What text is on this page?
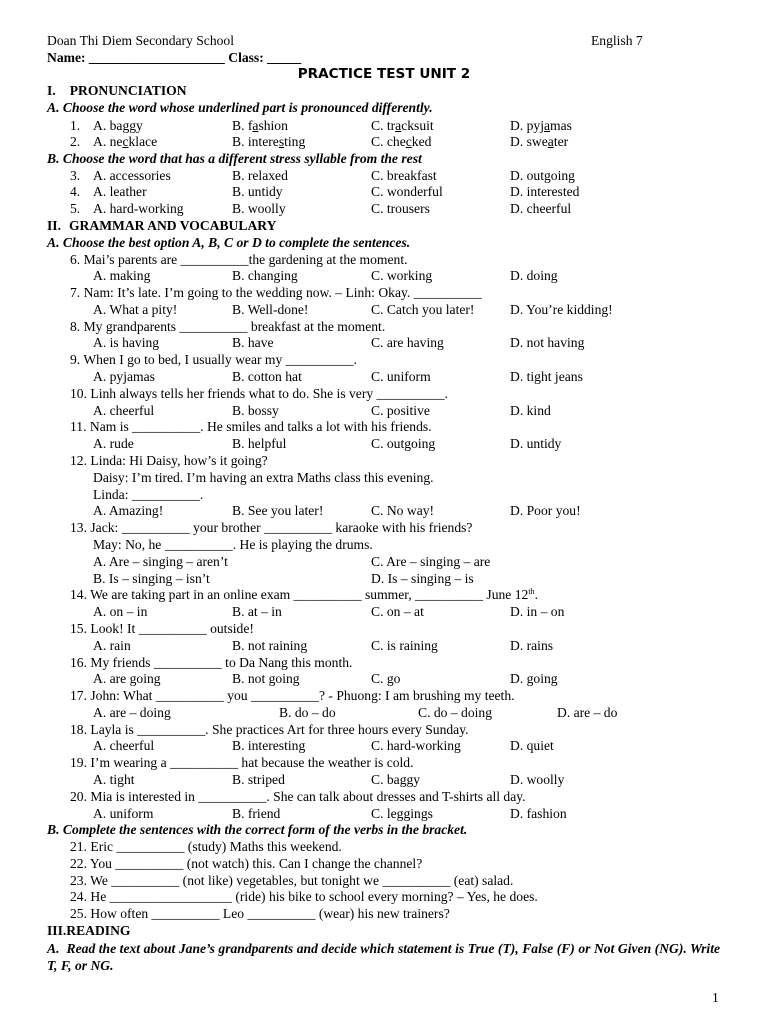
Doan Thi Diem Secondary School	English 7
Name: ____________________ Class: _____
PRACTICE TEST UNIT 2
I. PRONUNCIATION
A. Choose the word whose underlined part is pronounced differently.
1. A. baggy	B. fashion	C. tracksuit	D. pyjamas
2. A. necklace	B. interesting	C. checked	D. sweater
B. Choose the word that has a different stress syllable from the rest
3. A. accessories	B. relaxed	C. breakfast	D. outgoing
4. A. leather	B. untidy	C. wonderful	D. interested
5. A. hard-working	B. woolly	C. trousers	D. cheerful
II. GRAMMAR AND VOCABULARY
A. Choose the best option A, B, C or D to complete the sentences.
6. Mai’s parents are __________the gardening at the moment.
A. making	B. changing	C. working	D. doing
7. Nam: It’s late. I’m going to the wedding now. – Linh: Okay. __________
A. What a pity!	B. Well-done!	C. Catch you later!	D. You’re kidding!
8. My grandparents __________ breakfast at the moment.
A. is having	B. have	C. are having	D. not having
9. When I go to bed, I usually wear my __________.
A. pyjamas	B. cotton hat	C. uniform	D. tight jeans
10. Linh always tells her friends what to do. She is very __________.
A. cheerful	B. bossy	C. positive	D. kind
11. Nam is __________. He smiles and talks a lot with his friends.
A. rude	B. helpful	C. outgoing	D. untidy
12. Linda: Hi Daisy, how’s it going?
Daisy: I’m tired. I’m having an extra Maths class this evening.
Linda: __________.
A. Amazing!	B. See you later!	C. No way!	D. Poor you!
13. Jack: __________ your brother __________ karaoke with his friends?
May: No, he __________. He is playing the drums.
A. Are – singing – aren’t	C. Are – singing – are
B. Is – singing – isn’t	D. Is – singing – is
14. We are taking part in an online exam __________ summer, __________ June 12th.
A. on – in	B. at – in	C. on – at	D. in – on
15. Look! It __________ outside!
A. rain	B. not raining	C. is raining	D. rains
16. My friends __________ to Da Nang this month.
A. are going	B. not going	C. go	D. going
17. John: What __________ you __________? - Phuong: I am brushing my teeth.
A. are – doing	B. do – do	C. do – doing	D. are – do
18. Layla is __________. She practices Art for three hours every Sunday.
A. cheerful	B. interesting	C. hard-working	D. quiet
19. I’m wearing a __________ hat because the weather is cold.
A. tight	B. striped	C. baggy	D. woolly
20. Mia is interested in __________. She can talk about dresses and T-shirts all day.
A. uniform	B. friend	C. leggings	D. fashion
B. Complete the sentences with the correct form of the verbs in the bracket.
21. Eric __________ (study) Maths this weekend.
22. You __________ (not watch) this. Can I change the channel?
23. We __________ (not like) vegetables, but tonight we __________ (eat) salad.
24. He __________________ (ride) his bike to school every morning? – Yes, he does.
25. How often __________ Leo __________ (wear) his new trainers?
III.READING
A. Read the text about Jane’s grandparents and decide which statement is True (T), False (F) or Not Given (NG). Write T, F, or NG.
1
